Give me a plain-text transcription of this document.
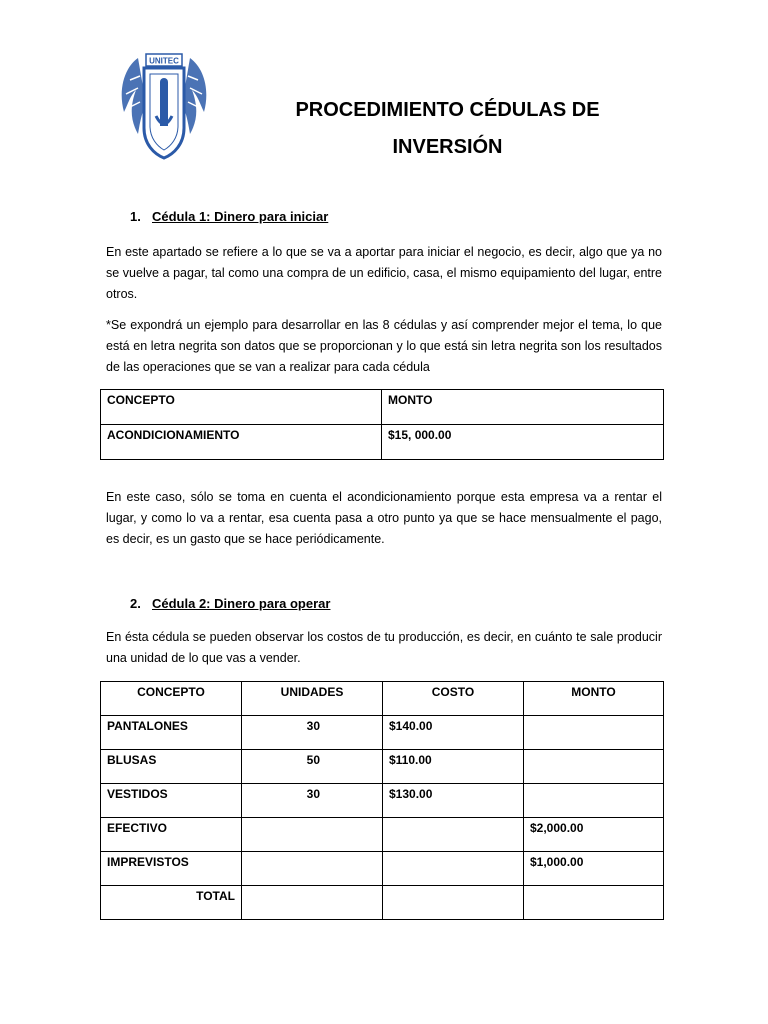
UNITEC
PROCEDIMIENTO CÉDULAS DE
INVERSIÓN
1. Cédula 1: Dinero para iniciar
En este apartado se refiere a lo que se va a aportar para iniciar el negocio, es decir, algo que ya no se vuelve a pagar, tal como una compra de un edificio, casa, el mismo equipamiento del lugar, entre otros.
*Se expondrá un ejemplo para desarrollar en las 8 cédulas y así comprender mejor el tema, lo que está en letra negrita son datos que se proporcionan y lo que está sin letra negrita son los resultados de las operaciones que se van a realizar para cada cédula
CONCEPTO	MONTO
ACONDICIONAMIENTO	$15, 000.00
En este caso, sólo se toma en cuenta el acondicionamiento porque esta empresa va a rentar el lugar, y como lo va a rentar, esa cuenta pasa a otro punto ya que se hace mensualmente el pago, es decir, es un gasto que se hace periódicamente.
2. Cédula 2: Dinero para operar
En ésta cédula se pueden observar los costos de tu producción, es decir, en cuánto te sale producir una unidad de lo que vas a vender.
CONCEPTO	UNIDADES	COSTO	MONTO
PANTALONES	30	$140.00	
BLUSAS	50	$110.00	
VESTIDOS	30	$130.00	
EFECTIVO			$2,000.00
IMPREVISTOS			$1,000.00
TOTAL			
